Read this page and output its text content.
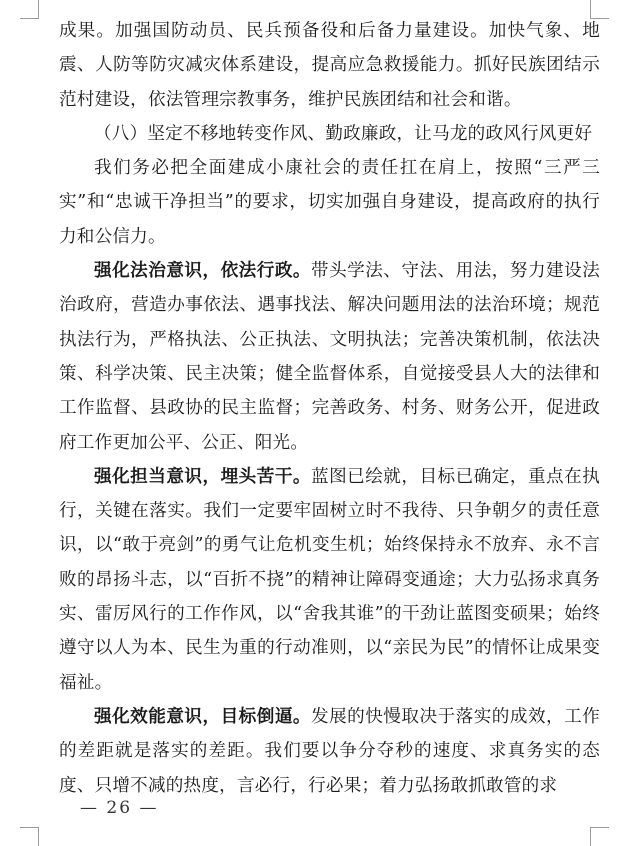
成果。加强国防动员、民兵预备役和后备力量建设。加快气象、地震、人防等防灾减灾体系建设，提高应急救援能力。抓好民族团结示范村建设，依法管理宗教事务，维护民族团结和社会和谐。

（八）坚定不移地转变作风、勤政廉政，让马龙的政风行风更好

我们务必把全面建成小康社会的责任扛在肩上，按照“三严三实”和“忠诚干净担当”的要求，切实加强自身建设，提高政府的执行力和公信力。

强化法治意识，依法行政。带头学法、守法、用法，努力建设法治政府，营造办事依法、遇事找法、解决问题用法的法治环境；规范执法行为，严格执法、公正执法、文明执法；完善决策机制，依法决策、科学决策、民主决策；健全监督体系，自觉接受县人大的法律和工作监督、县政协的民主监督；完善政务、村务、财务公开，促进政府工作更加公平、公正、阳光。

强化担当意识，埋头苦干。蓝图已绘就，目标已确定，重点在执行，关键在落实。我们一定要牢固树立时不我待、只争朝夕的责任意识，以“敢于亮剑”的勇气让危机变生机；始终保持永不放弃、永不言败的昂扬斗志，以“百折不挠”的精神让障碍变通途；大力弘扬求真务实、雷厉风行的工作作风，以“舍我其谁”的干劲让蓝图变硕果；始终遵守以人为本、民生为重的行动准则，以“亲民为民”的情怀让成果变福祉。

强化效能意识，目标倒逼。发展的快慢取决于落实的成效，工作的差距就是落实的差距。我们要以争分夺秒的速度、求真务实的态度、只增不减的热度，言必行，行必果；着力弘扬敢抓敢管的求

— 26 —
